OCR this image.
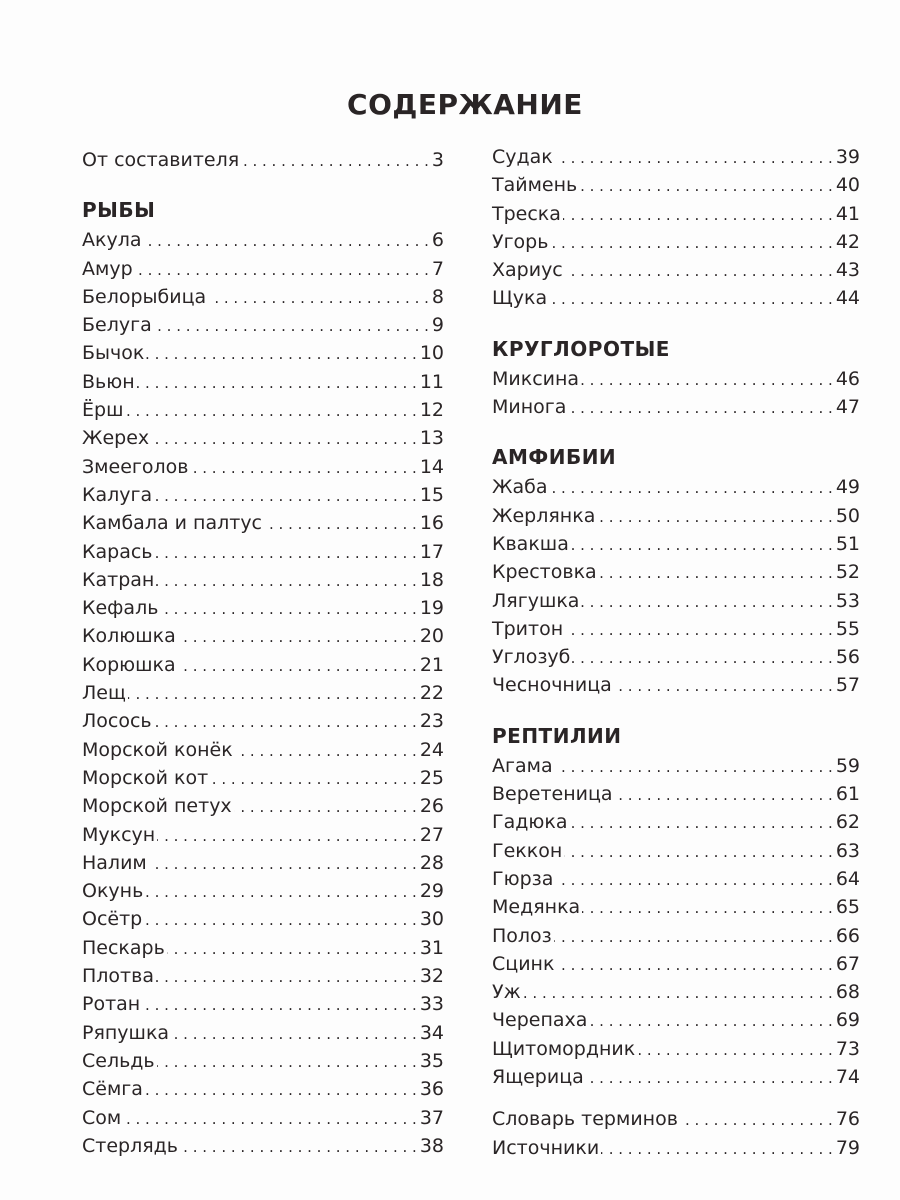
СОДЕРЖАНИЕ
От составителя . . .	3
РЫБЫ
Акула . . .	6
Амур . . .	7
Белорыбица . . .	8
Белуга . . .	9
Бычок . . .	10
Вьюн . . .	11
Ёрш . . .	12
Жерех . . .	13
Змееголов . . .	14
Калуга . . .	15
Камбала и палтус . . .	16
Карась . . .	17
Катран . . .	18
Кефаль . . .	19
Колюшка . . .	20
Корюшка . . .	21
Лещ . . .	22
Лосось . . .	23
Морской конёк . . .	24
Морской кот . . .	25
Морской петух . . .	26
Муксун . . .	27
Налим . . .	28
Окунь . . .	29
Осётр . . .	30
Пескарь . . .	31
Плотва . . .	32
Ротан . . .	33
Ряпушка . . .	34
Сельдь . . .	35
Сёмга . . .	36
Сом . . .	37
Стерлядь . . .	38
Судак . . .	39
Таймень . . .	40
Треска . . .	41
Угорь . . .	42
Хариус . . .	43
Щука . . .	44
КРУГЛОРОТЫЕ
Миксина . . .	46
Минога . . .	47
АМФИБИИ
Жаба . . .	49
Жерлянка . . .	50
Квакша . . .	51
Крестовка . . .	52
Лягушка . . .	53
Тритон . . .	55
Углозуб . . .	56
Чесночница . . .	57
РЕПТИЛИИ
Агама . . .	59
Веретеница . . .	61
Гадюка . . .	62
Геккон . . .	63
Гюрза . . .	64
Медянка . . .	65
Полоз . . .	66
Сцинк . . .	67
Уж . . .	68
Черепаха . . .	69
Щитомордник . . .	73
Ящерица . . .	74
Словарь терминов . . .	76
Источники . . .	79
